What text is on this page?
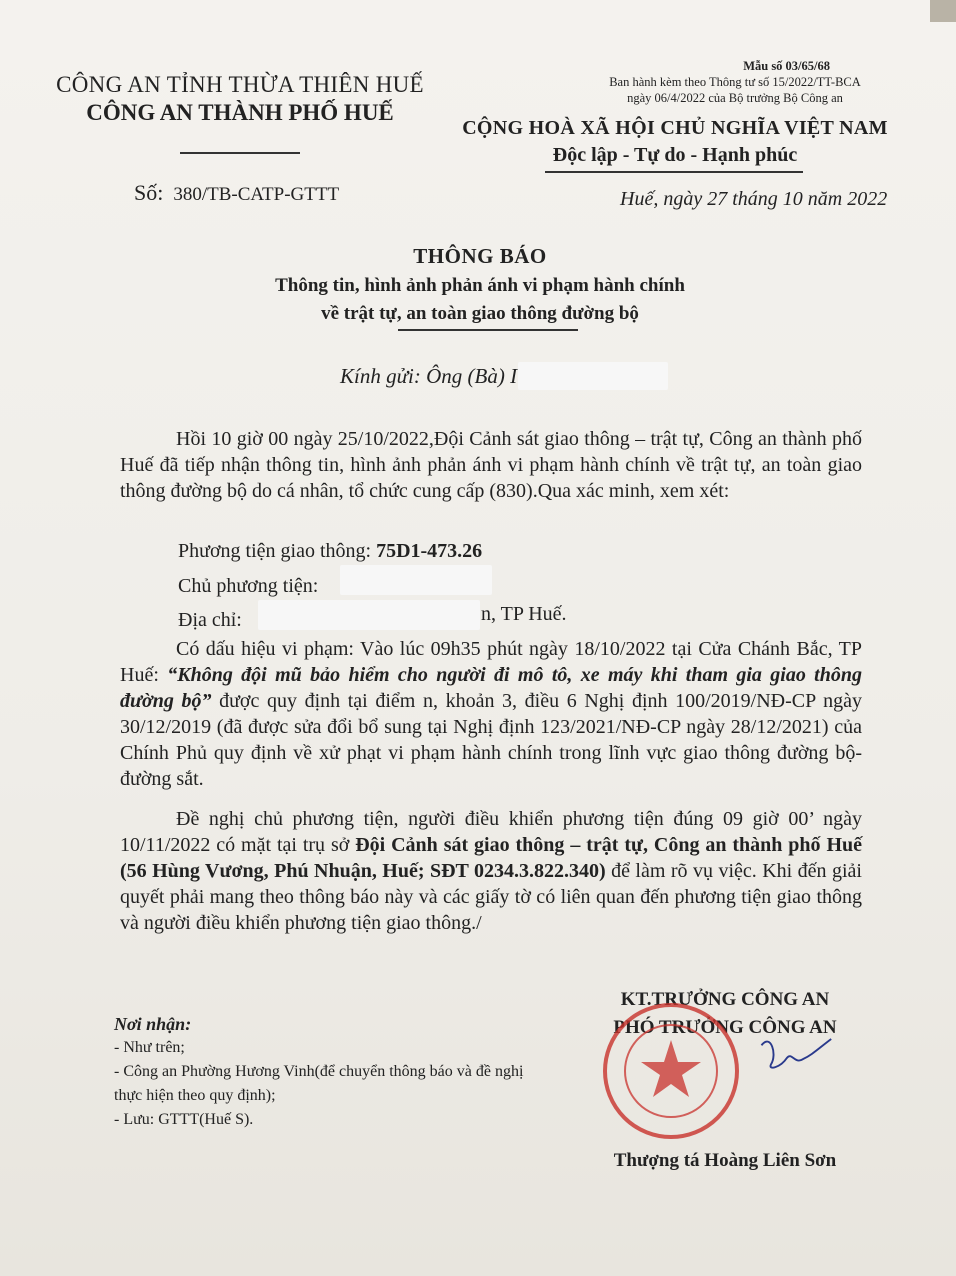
CÔNG AN TỈNH THỪA THIÊN HUẾ
CÔNG AN THÀNH PHỐ HUẾ
Số: 380/TB-CATP-GTTT
Mẫu số 03/65/68
Ban hành kèm theo Thông tư số 15/2022/TT-BCA
ngày 06/4/2022 của Bộ trưởng Bộ Công an
CỘNG HOÀ XÃ HỘI CHỦ NGHĨA VIỆT NAM
Độc lập - Tự do - Hạnh phúc
Huế, ngày 27 tháng 10 năm 2022
THÔNG BÁO
Thông tin, hình ảnh phản ánh vi phạm hành chính
về trật tự, an toàn giao thông đường bộ
Kính gửi: Ông (Bà) I
Hồi 10 giờ 00 ngày 25/10/2022,Đội Cảnh sát giao thông – trật tự, Công an thành phố Huế đã tiếp nhận thông tin, hình ảnh phản ánh vi phạm hành chính về trật tự, an toàn giao thông đường bộ do cá nhân, tổ chức cung cấp (830).Qua xác minh, xem xét:
Phương tiện giao thông: 75D1-473.26
Chủ phương tiện:
Địa chỉ:	n, TP Huế.
Có dấu hiệu vi phạm: Vào lúc 09h35 phút ngày 18/10/2022 tại Cửa Chánh Bắc, TP Huế: “Không đội mũ bảo hiểm cho người đi mô tô, xe máy khi tham gia giao thông đường bộ” được quy định tại điểm n, khoản 3, điều 6 Nghị định 100/2019/NĐ-CP ngày 30/12/2019 (đã được sửa đổi bổ sung tại Nghị định 123/2021/NĐ-CP ngày 28/12/2021) của Chính Phủ quy định về xử phạt vi phạm hành chính trong lĩnh vực giao thông đường bộ-đường sắt.
Đề nghị chủ phương tiện, người điều khiển phương tiện đúng 09 giờ 00’ ngày 10/11/2022 có mặt tại trụ sở Đội Cảnh sát giao thông – trật tự, Công an thành phố Huế (56 Hùng Vương, Phú Nhuận, Huế; SĐT 0234.3.822.340) để làm rõ vụ việc. Khi đến giải quyết phải mang theo thông báo này và các giấy tờ có liên quan đến phương tiện giao thông và người điều khiển phương tiện giao thông./
Nơi nhận:
- Như trên;
- Công an Phường Hương Vinh(để chuyển thông báo và đề nghị thực hiện theo quy định);
- Lưu: GTTT(Huế S).
KT.TRƯỞNG CÔNG AN
PHÓ TRƯỞNG CÔNG AN
Thượng tá Hoàng Liên Sơn
